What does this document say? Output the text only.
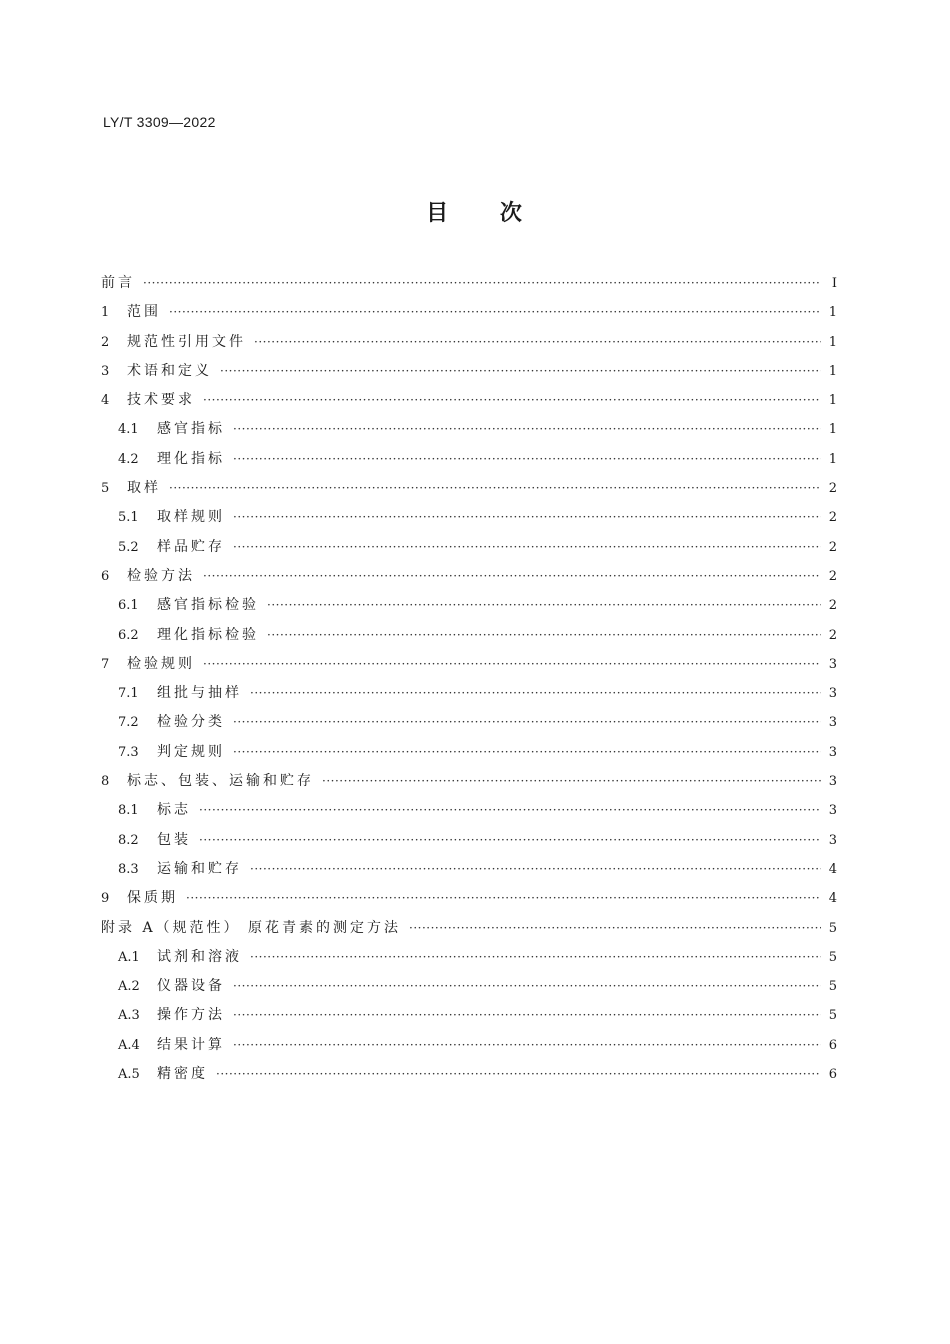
LY/T 3309—2022
目 次
前言 ·····	Ⅰ
1	范围 ·····	1
2	规范性引用文件 ·····	1
3	术语和定义 ·····	1
4	技术要求 ·····	1
4.1	感官指标 ·····	1
4.2	理化指标 ·····	1
5	取样 ·····	2
5.1	取样规则 ·····	2
5.2	样品贮存 ·····	2
6	检验方法 ·····	2
6.1	感官指标检验 ·····	2
6.2	理化指标检验 ·····	2
7	检验规则 ·····	3
7.1	组批与抽样 ·····	3
7.2	检验分类 ·····	3
7.3	判定规则 ·····	3
8	标志、包装、运输和贮存 ·····	3
8.1	标志 ·····	3
8.2	包装 ·····	3
8.3	运输和贮存 ·····	4
9	保质期 ·····	4
附录 A（规范性） 原花青素的测定方法 ·····	5
A.1	试剂和溶液 ·····	5
A.2	仪器设备 ·····	5
A.3	操作方法 ·····	5
A.4	结果计算 ·····	6
A.5	精密度 ·····	6
